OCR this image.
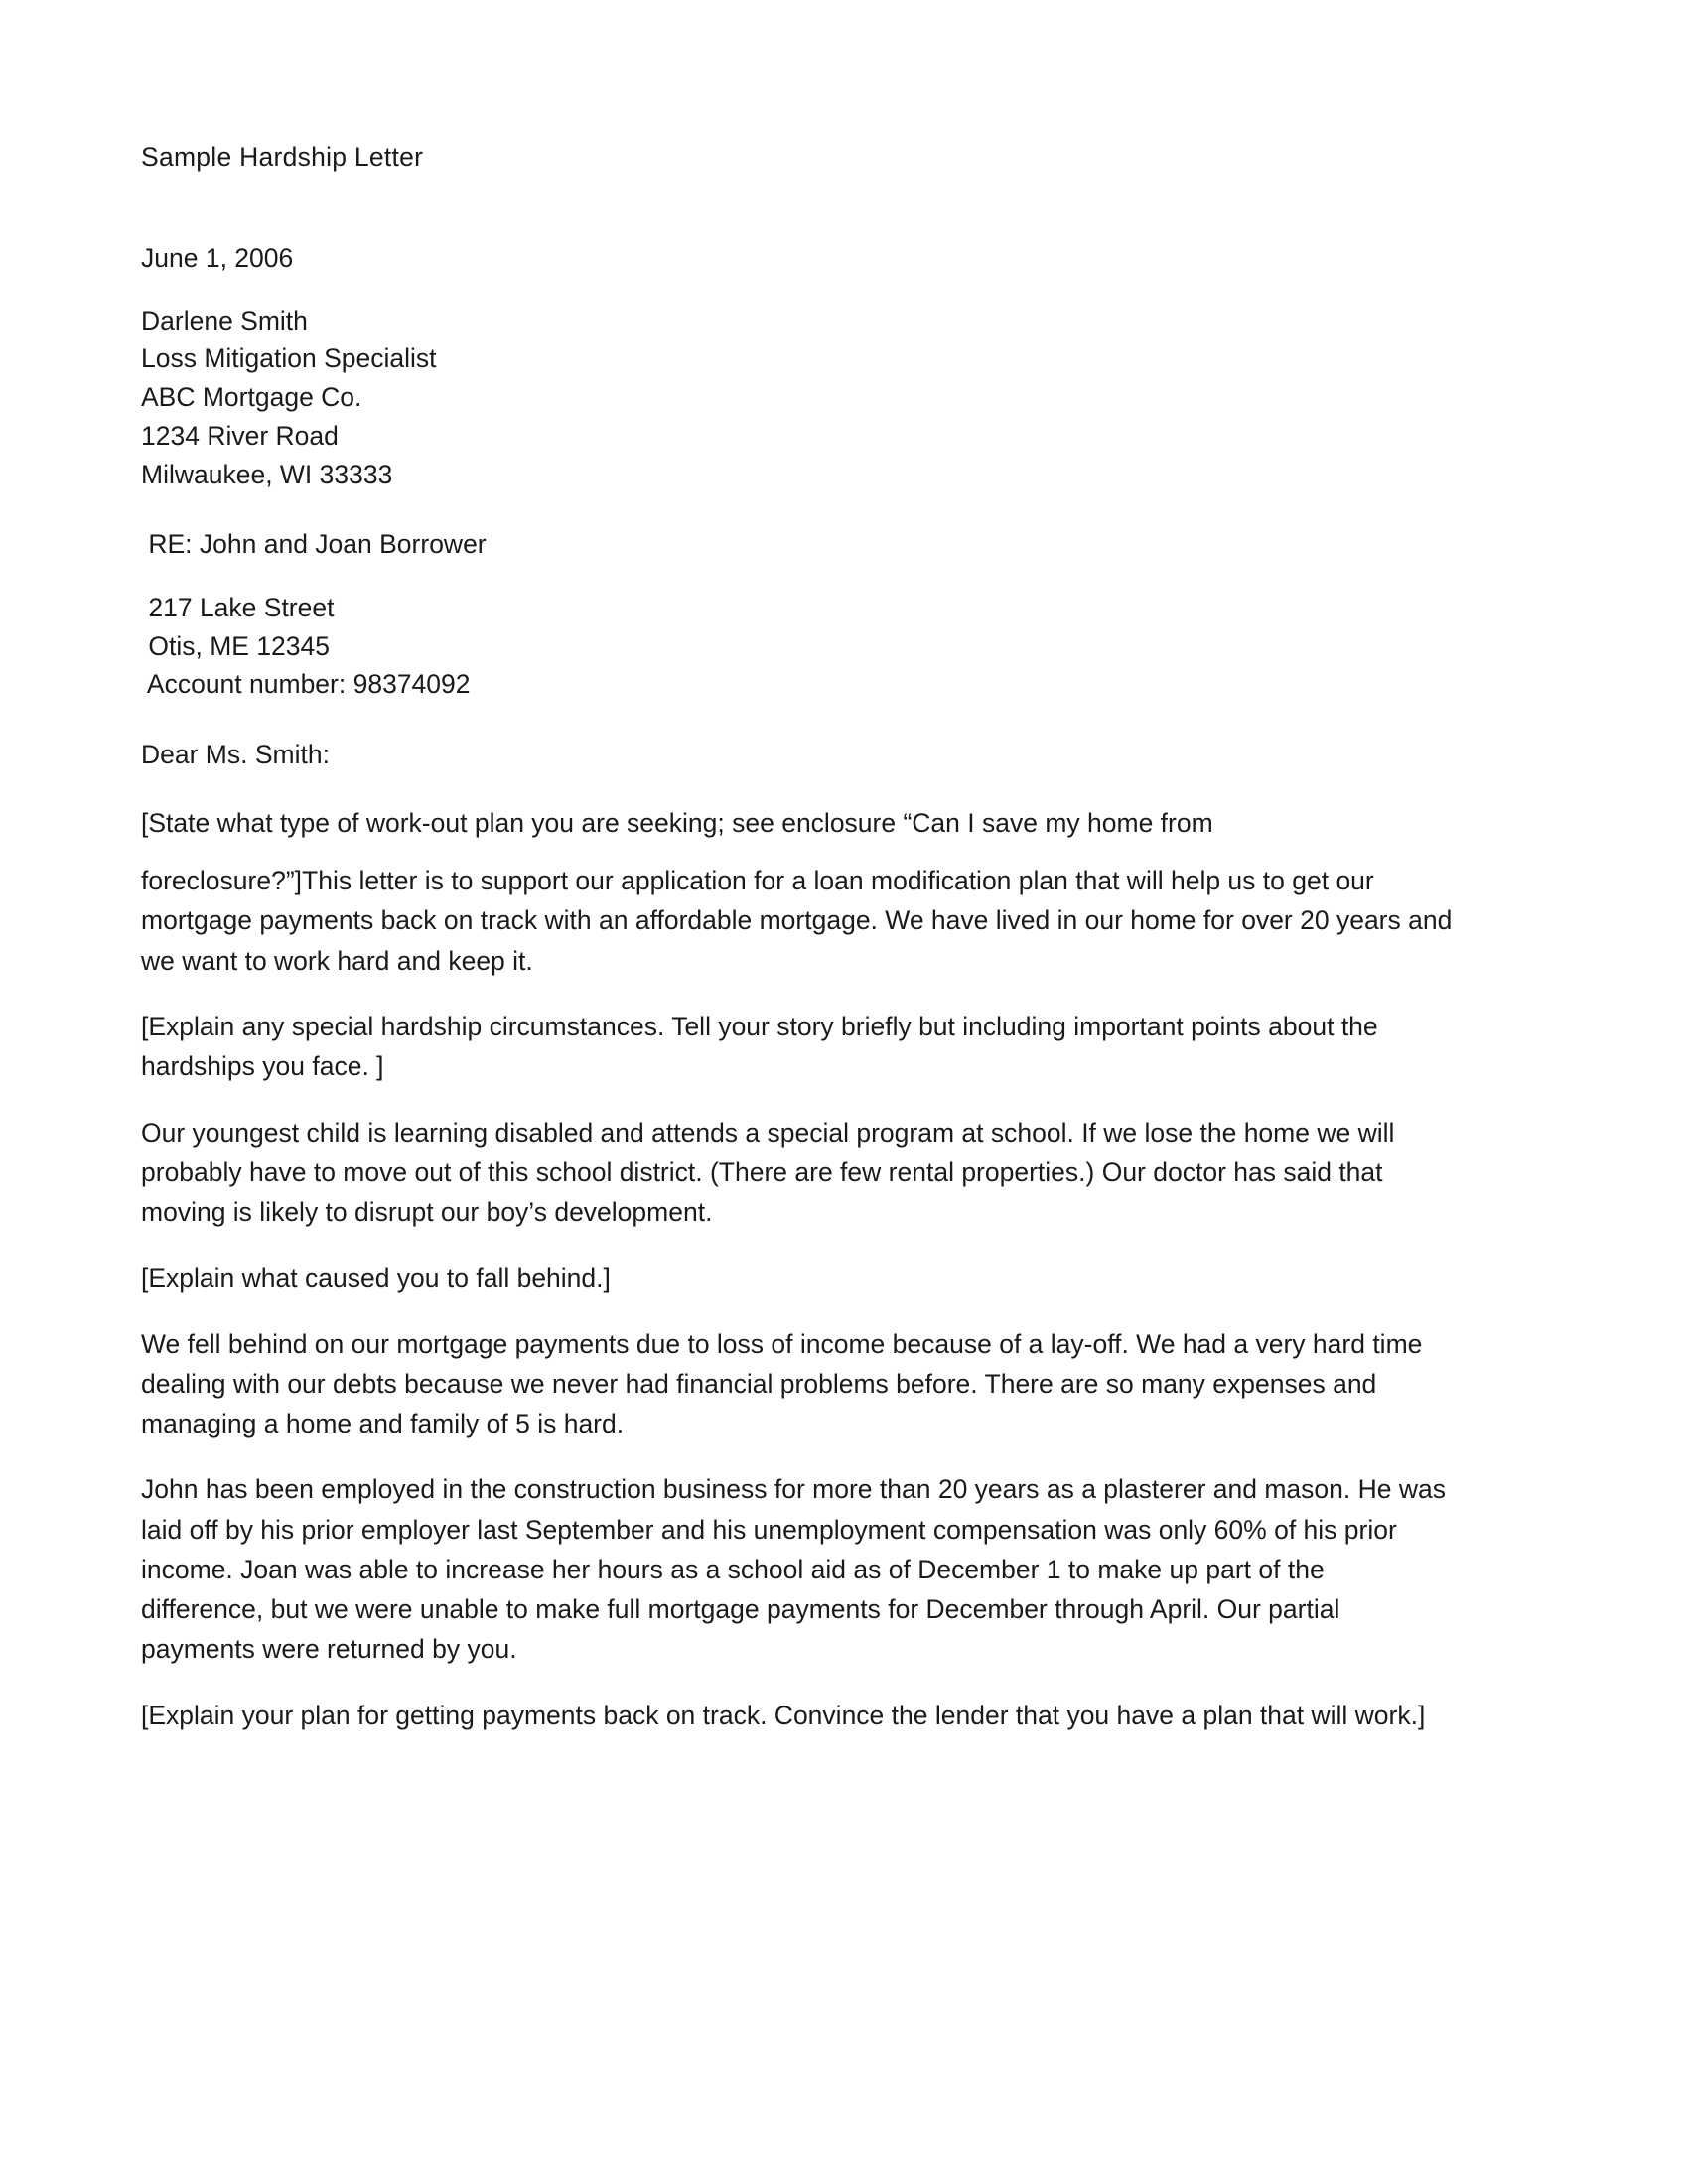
Sample Hardship Letter
June 1, 2006
Darlene Smith
Loss Mitigation Specialist
ABC Mortgage Co.
1234 River Road
Milwaukee, WI 33333
RE: John and Joan Borrower
217 Lake Street
Otis, ME 12345
Account number: 98374092
Dear Ms. Smith:

[State what type of work-out plan you are seeking; see enclosure “Can I save my home from

foreclosure?”]This letter is to support our application for a loan modification plan that will help us to get our mortgage payments back on track with an affordable mortgage. We have lived in our home for over 20 years and we want to work hard and keep it.

[Explain any special hardship circumstances. Tell your story briefly but including important points about the hardships you face. ]

Our youngest child is learning disabled and attends a special program at school. If we lose the home we will probably have to move out of this school district. (There are few rental properties.) Our doctor has said that moving is likely to disrupt our boy’s development.

[Explain what caused you to fall behind.]

We fell behind on our mortgage payments due to loss of income because of a lay-off. We had a very hard time dealing with our debts because we never had financial problems before. There are so many expenses and managing a home and family of 5 is hard.

John has been employed in the construction business for more than 20 years as a plasterer and mason. He was laid off by his prior employer last September and his unemployment compensation was only 60% of his prior income. Joan was able to increase her hours as a school aid as of December 1 to make up part of the difference, but we were unable to make full mortgage payments for December through April. Our partial payments were returned by you.

[Explain your plan for getting payments back on track. Convince the lender that you have a plan that will work.]
